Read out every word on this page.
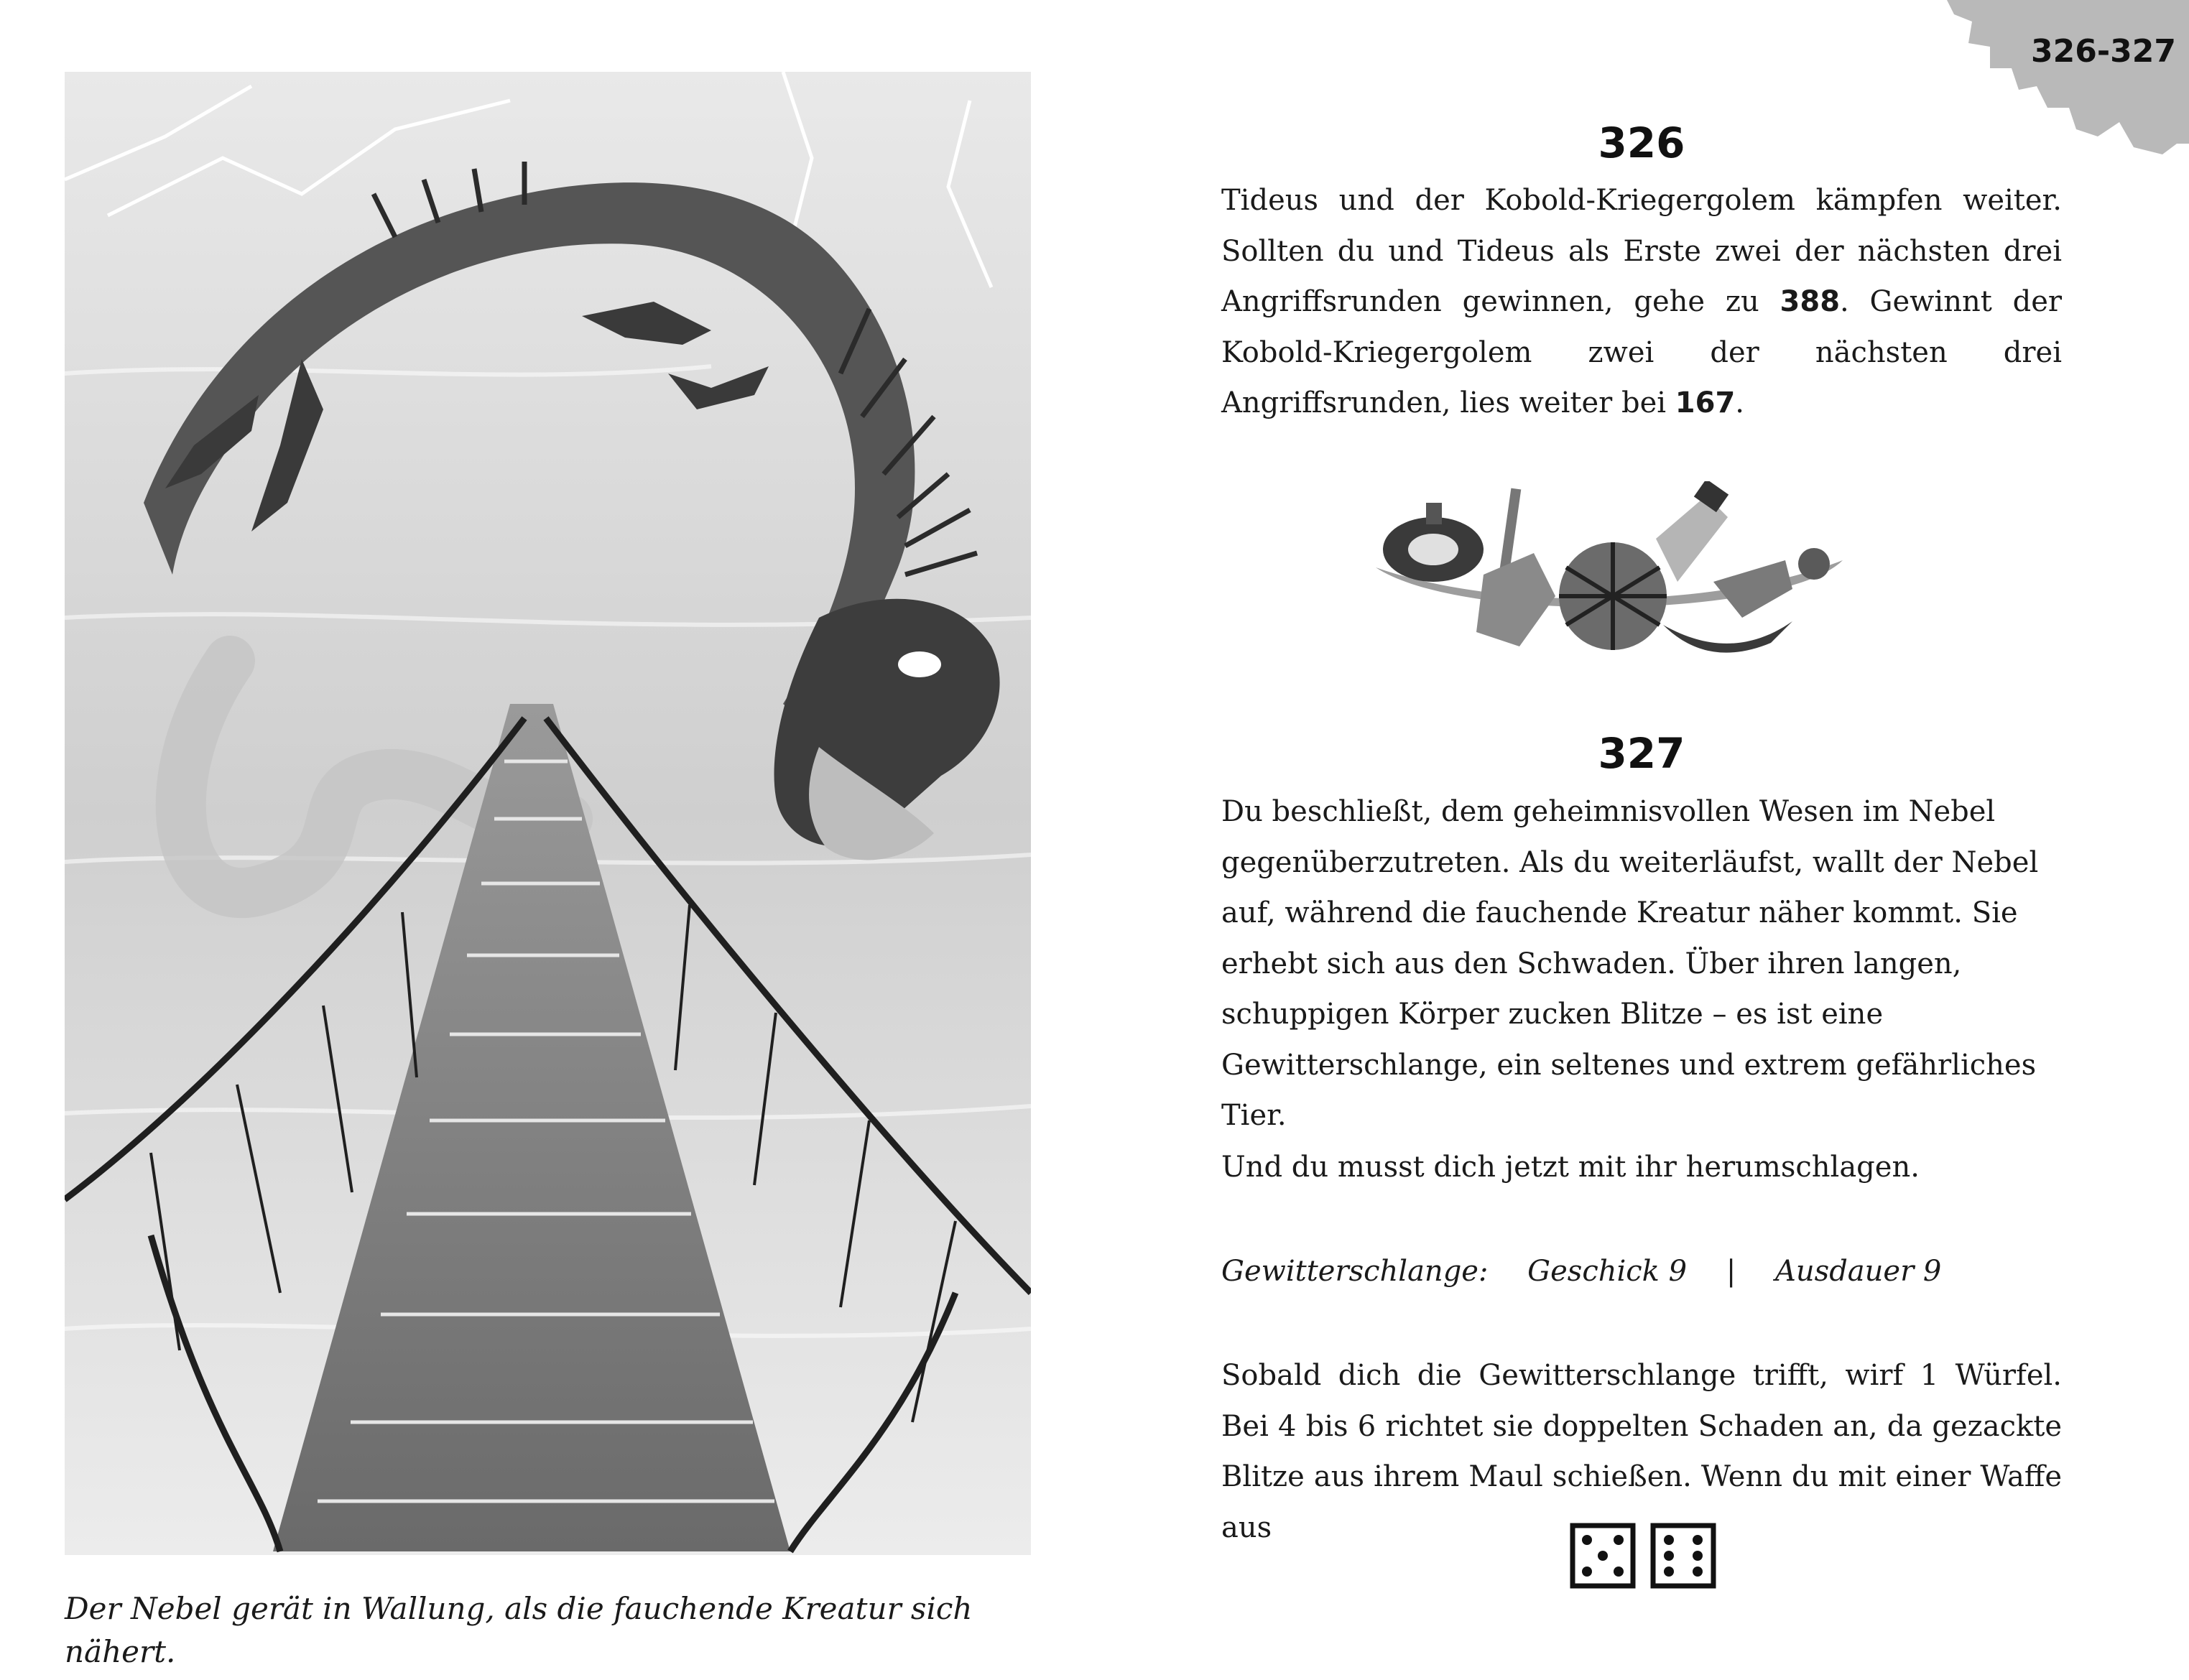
Der Nebel gerät in Wallung, als die fauchende Kreatur sich nähert.
326-327
326

Tideus und der Kobold-Kriegergolem kämpfen weiter. Sollten du und Tideus als Erste zwei der nächsten drei Angriffsrunden gewinnen, gehe zu 388. Gewinnt der Kobold-Kriegergolem zwei der nächsten drei Angriffsrunden, lies weiter bei 167.

327

Du beschließt, dem geheimnisvollen Wesen im Nebel gegenüberzutreten. Als du weiterläufst, wallt der Nebel auf, während die fauchende Kreatur näher kommt. Sie erhebt sich aus den Schwaden. Über ihren langen, schuppigen Körper zucken Blitze – es ist eine Gewitterschlange, ein seltenes und extrem gefährliches Tier.

Und du musst dich jetzt mit ihr herumschlagen.

Gewitterschlange: Geschick 9 | Ausdauer 9

Sobald dich die Gewitterschlange trifft, wirf 1 Würfel. Bei 4 bis 6 richtet sie doppelten Schaden an, da gezackte Blitze aus ihrem Maul schießen. Wenn du mit einer Waffe aus
